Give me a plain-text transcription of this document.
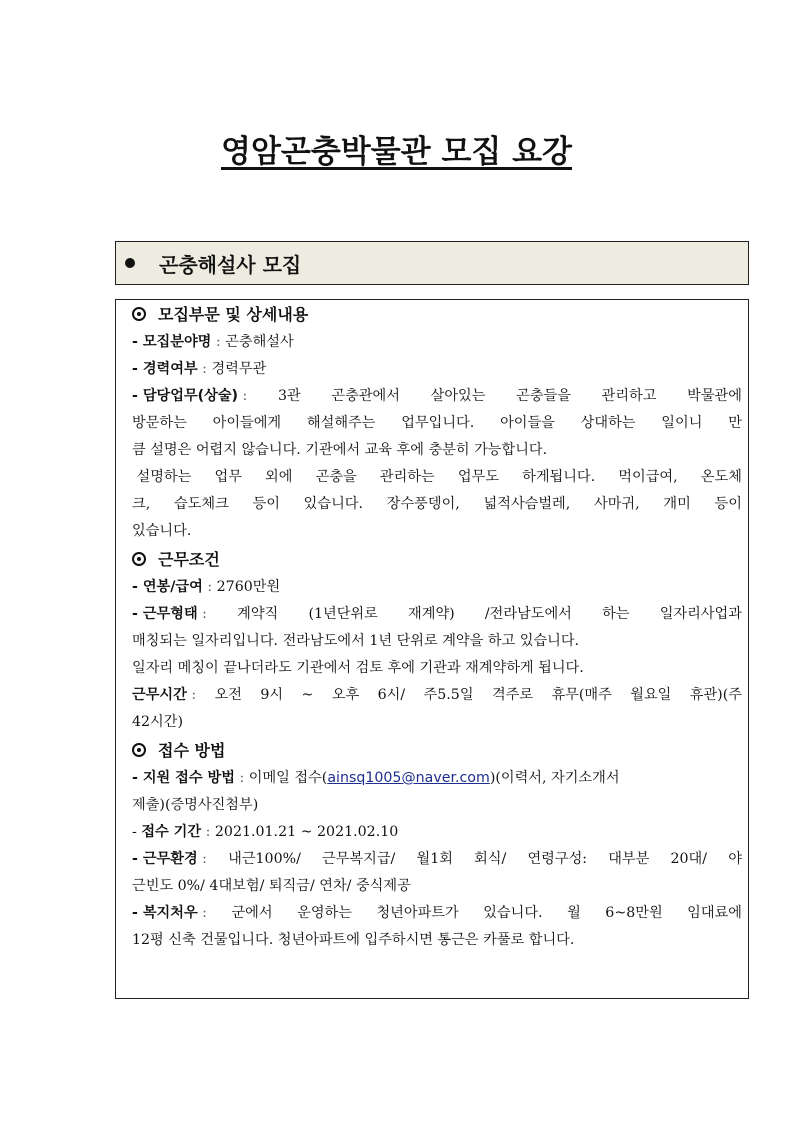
영암곤충박물관 모집 요강
곤충해설사 모집
모집부문 및 상세내용
- 모집분야명 : 곤충해설사
- 경력여부 : 경력무관
- 담당업무(상술) : 3관 곤충관에서 살아있는 곤충들을 관리하고 박물관에
방문하는 아이들에게 해설해주는 업무입니다. 아이들을 상대하는 일이니 만
큼 설명은 어렵지 않습니다. 기관에서 교육 후에 충분히 가능합니다.
설명하는 업무 외에 곤충을 관리하는 업무도 하게됩니다. 먹이급여, 온도체
크, 습도체크 등이 있습니다. 장수풍뎅이, 넓적사슴벌레, 사마귀, 개미 등이
있습니다.
근무조건
- 연봉/급여 : 2760만원
- 근무형태 : 계약직 (1년단위로 재계약) /전라남도에서 하는 일자리사업과
매칭되는 일자리입니다. 전라남도에서 1년 단위로 계약을 하고 있습니다.
일자리 메칭이 끝나더라도 기관에서 검토 후에 기관과 재계약하게 됩니다.
근무시간 : 오전 9시 ~ 오후 6시/ 주5.5일 격주로 휴무(매주 월요일 휴관)(주
42시간)
접수 방법
- 지원 접수 방법 : 이메일 접수(ainsq1005@naver.com)(이력서, 자기소개서
제출)(증명사진첨부)
- 접수 기간 : 2021.01.21 ~ 2021.02.10
- 근무환경 : 내근100%/ 근무복지급/ 월1회 회식/ 연령구성: 대부분 20대/ 야
근빈도 0%/ 4대보험/ 퇴직금/ 연차/ 중식제공
- 복지처우 : 군에서 운영하는 청년아파트가 있습니다. 월 6~8만원 임대료에
12평 신축 건물입니다. 청년아파트에 입주하시면 통근은 카풀로 합니다.
